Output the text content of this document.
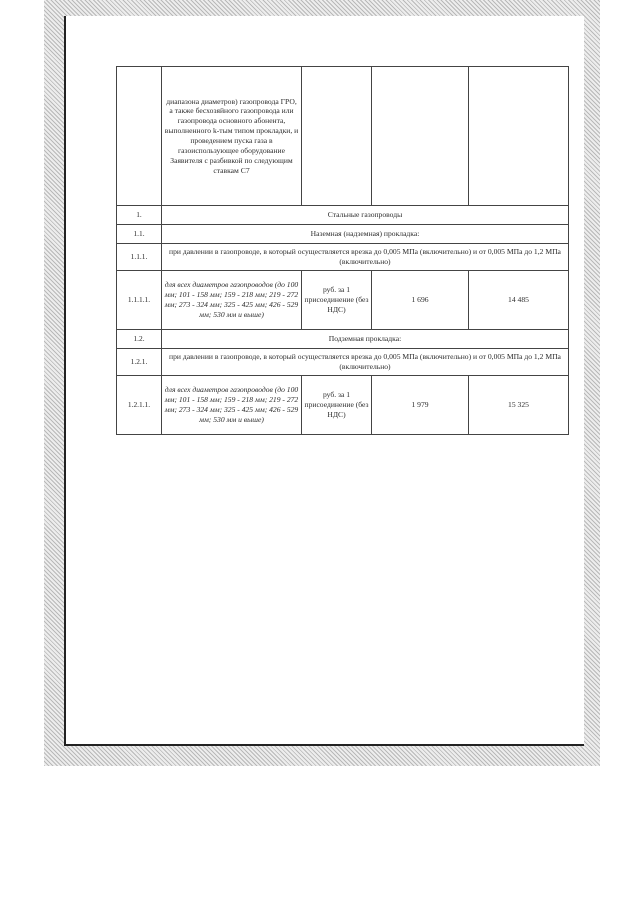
	диапазона диаметров) газопровода ГРО, а также бесхозяйного газопровода или газопровода основного абонента, выполненного k-тым типом прокладки, и проведением пуска газа в газоиспользующее оборудование Заявителя с разбивкой по следующим ставкам С7			
1.	Стальные газопроводы			
1.1.	Наземная (надземная) прокладка:			
1.1.1.	при давлении в газопроводе, в который осуществляется врезка до 0,005 МПа (включительно) и от 0,005 МПа до 1,2 МПа (включительно)			
1.1.1.1.	для всех диаметров газопроводов (до 100 мм; 101 - 158 мм; 159 - 218 мм; 219 - 272 мм; 273 - 324 мм; 325 - 425 мм; 426 - 529 мм; 530 мм и выше)	руб. за 1 присоединение (без НДС)	1 696	14 485
1.2.	Подземная прокладка:			
1.2.1.	при давлении в газопроводе, в который осуществляется врезка до 0,005 МПа (включительно) и от 0,005 МПа до 1,2 МПа (включительно)			
1.2.1.1.	для всех диаметров газопроводов (до 100 мм; 101 - 158 мм; 159 - 218 мм; 219 - 272 мм; 273 - 324 мм; 325 - 425 мм; 426 - 529 мм; 530 мм и выше)	руб. за 1 присоединение (без НДС)	1 979	15 325
